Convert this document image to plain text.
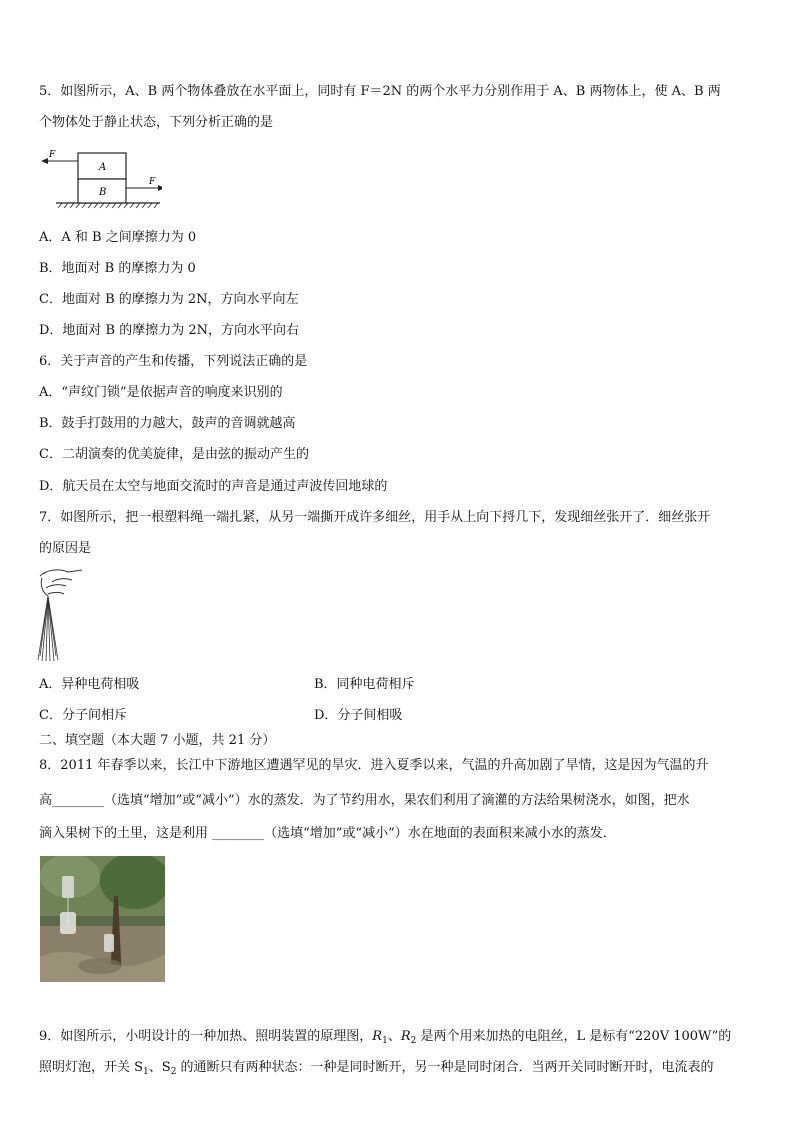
5．如图所示，A、B 两个物体叠放在水平面上，同时有 F＝2N 的两个水平力分别作用于 A、B 两物体上，使 A、B 两
个物体处于静止状态，下列分析正确的是
A
B
F
F
A．A 和 B 之间摩擦力为 0
B．地面对 B 的摩擦力为 0
C．地面对 B 的摩擦力为 2N，方向水平向左
D．地面对 B 的摩擦力为 2N，方向水平向右
6．关于声音的产生和传播，下列说法正确的是
A．“声纹门锁”是依据声音的响度来识别的
B．鼓手打鼓用的力越大，鼓声的音调就越高
C．二胡演奏的优美旋律，是由弦的振动产生的
D．航天员在太空与地面交流时的声音是通过声波传回地球的
7．如图所示，把一根塑料绳一端扎紧，从另一端撕开成许多细丝，用手从上向下捋几下，发现细丝张开了．细丝张开
的原因是
A．异种电荷相吸	B．同种电荷相斥
C．分子间相斥	D．分子间相吸
二、填空题（本大题 7 小题，共 21 分）
8．2011 年春季以来，长江中下游地区遭遇罕见的旱灾．进入夏季以来，气温的升高加剧了旱情，这是因为气温的升
高________（选填“增加”或“减小”）水的蒸发．为了节约用水，果农们利用了滴灌的方法给果树浇水，如图，把水
滴入果树下的土里，这是利用 ________（选填“增加”或“减小”）水在地面的表面积来减小水的蒸发．
9．如图所示，小明设计的一种加热、照明装置的原理图，$R_1$、$R_2$ 是两个用来加热的电阻丝，L 是标有“220V 100W”的
照明灯泡，开关 $S_1$、$S_2$ 的通断只有两种状态：一种是同时断开，另一种是同时闭合．当两开关同时断开时，电流表的
